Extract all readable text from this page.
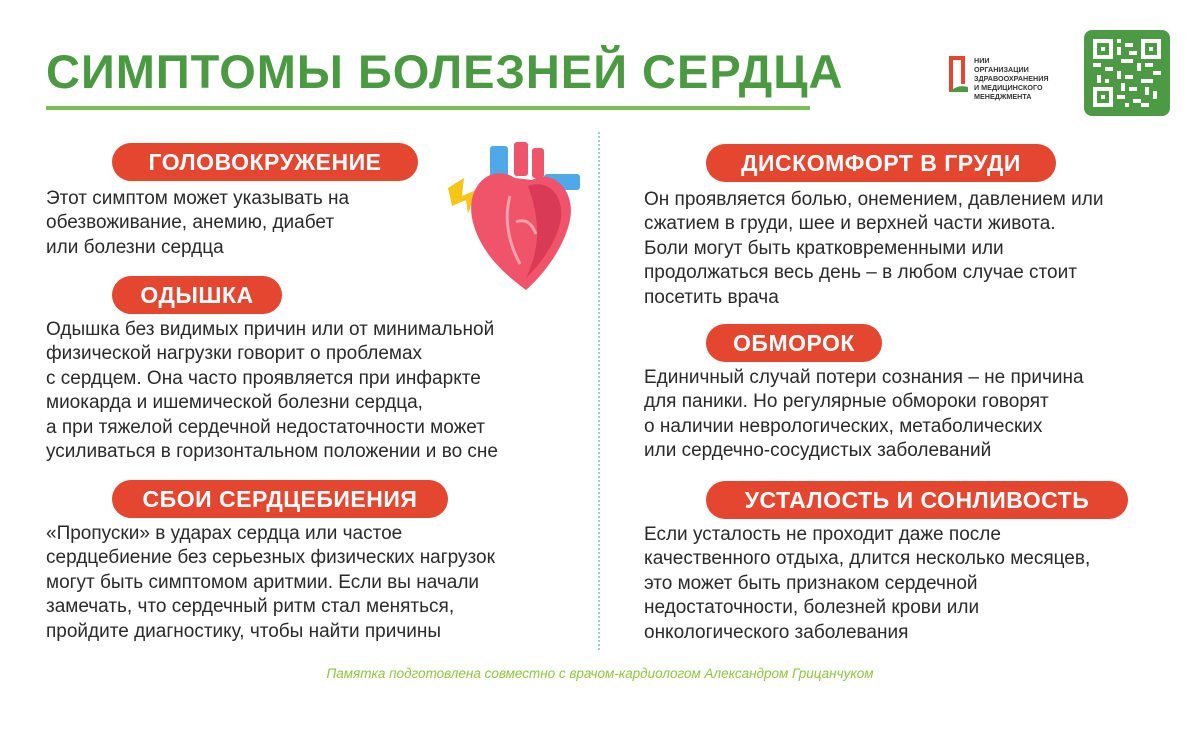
СИМПТОМЫ БОЛЕЗНЕЙ СЕРДЦА	НИИ
ОРГАНИЗАЦИИ
ЗДРАВООХРАНЕНИЯ
И МЕДИЦИНСКОГО
МЕНЕДЖМЕНТА
ГОЛОВОКРУЖЕНИЕ

Этот симптом может указывать на
обезвоживание, анемию, диабет
или болезни сердца

ОДЫШКА

Одышка без видимых причин или от минимальной
физической нагрузки говорит о проблемах
с сердцем. Она часто проявляется при инфаркте
миокарда и ишемической болезни сердца,
а при тяжелой сердечной недостаточности может
усиливаться в горизонтальном положении и во сне

СБОИ СЕРДЦЕБИЕНИЯ

«Пропуски» в ударах сердца или частое
сердцебиение без серьезных физических нагрузок
могут быть симптомом аритмии. Если вы начали
замечать, что сердечный ритм стал меняться,
пройдите диагностику, чтобы найти причины

ДИСКОМФОРТ В ГРУДИ

Он проявляется болью, онемением, давлением или
сжатием в груди, шее и верхней части живота.
Боли могут быть кратковременными или
продолжаться весь день – в любом случае стоит
посетить врача

ОБМОРОК

Единичный случай потери сознания – не причина
для паники. Но регулярные обмороки говорят
о наличии неврологических, метаболических
или сердечно-сосудистых заболеваний

УСТАЛОСТЬ И СОНЛИВОСТЬ

Если усталость не проходит даже после
качественного отдыха, длится несколько месяцев,
это может быть признаком сердечной
недостаточности, болезней крови или
онкологического заболевания

Памятка подготовлена совместно с врачом-кардиологом Александром Грицанчуком
